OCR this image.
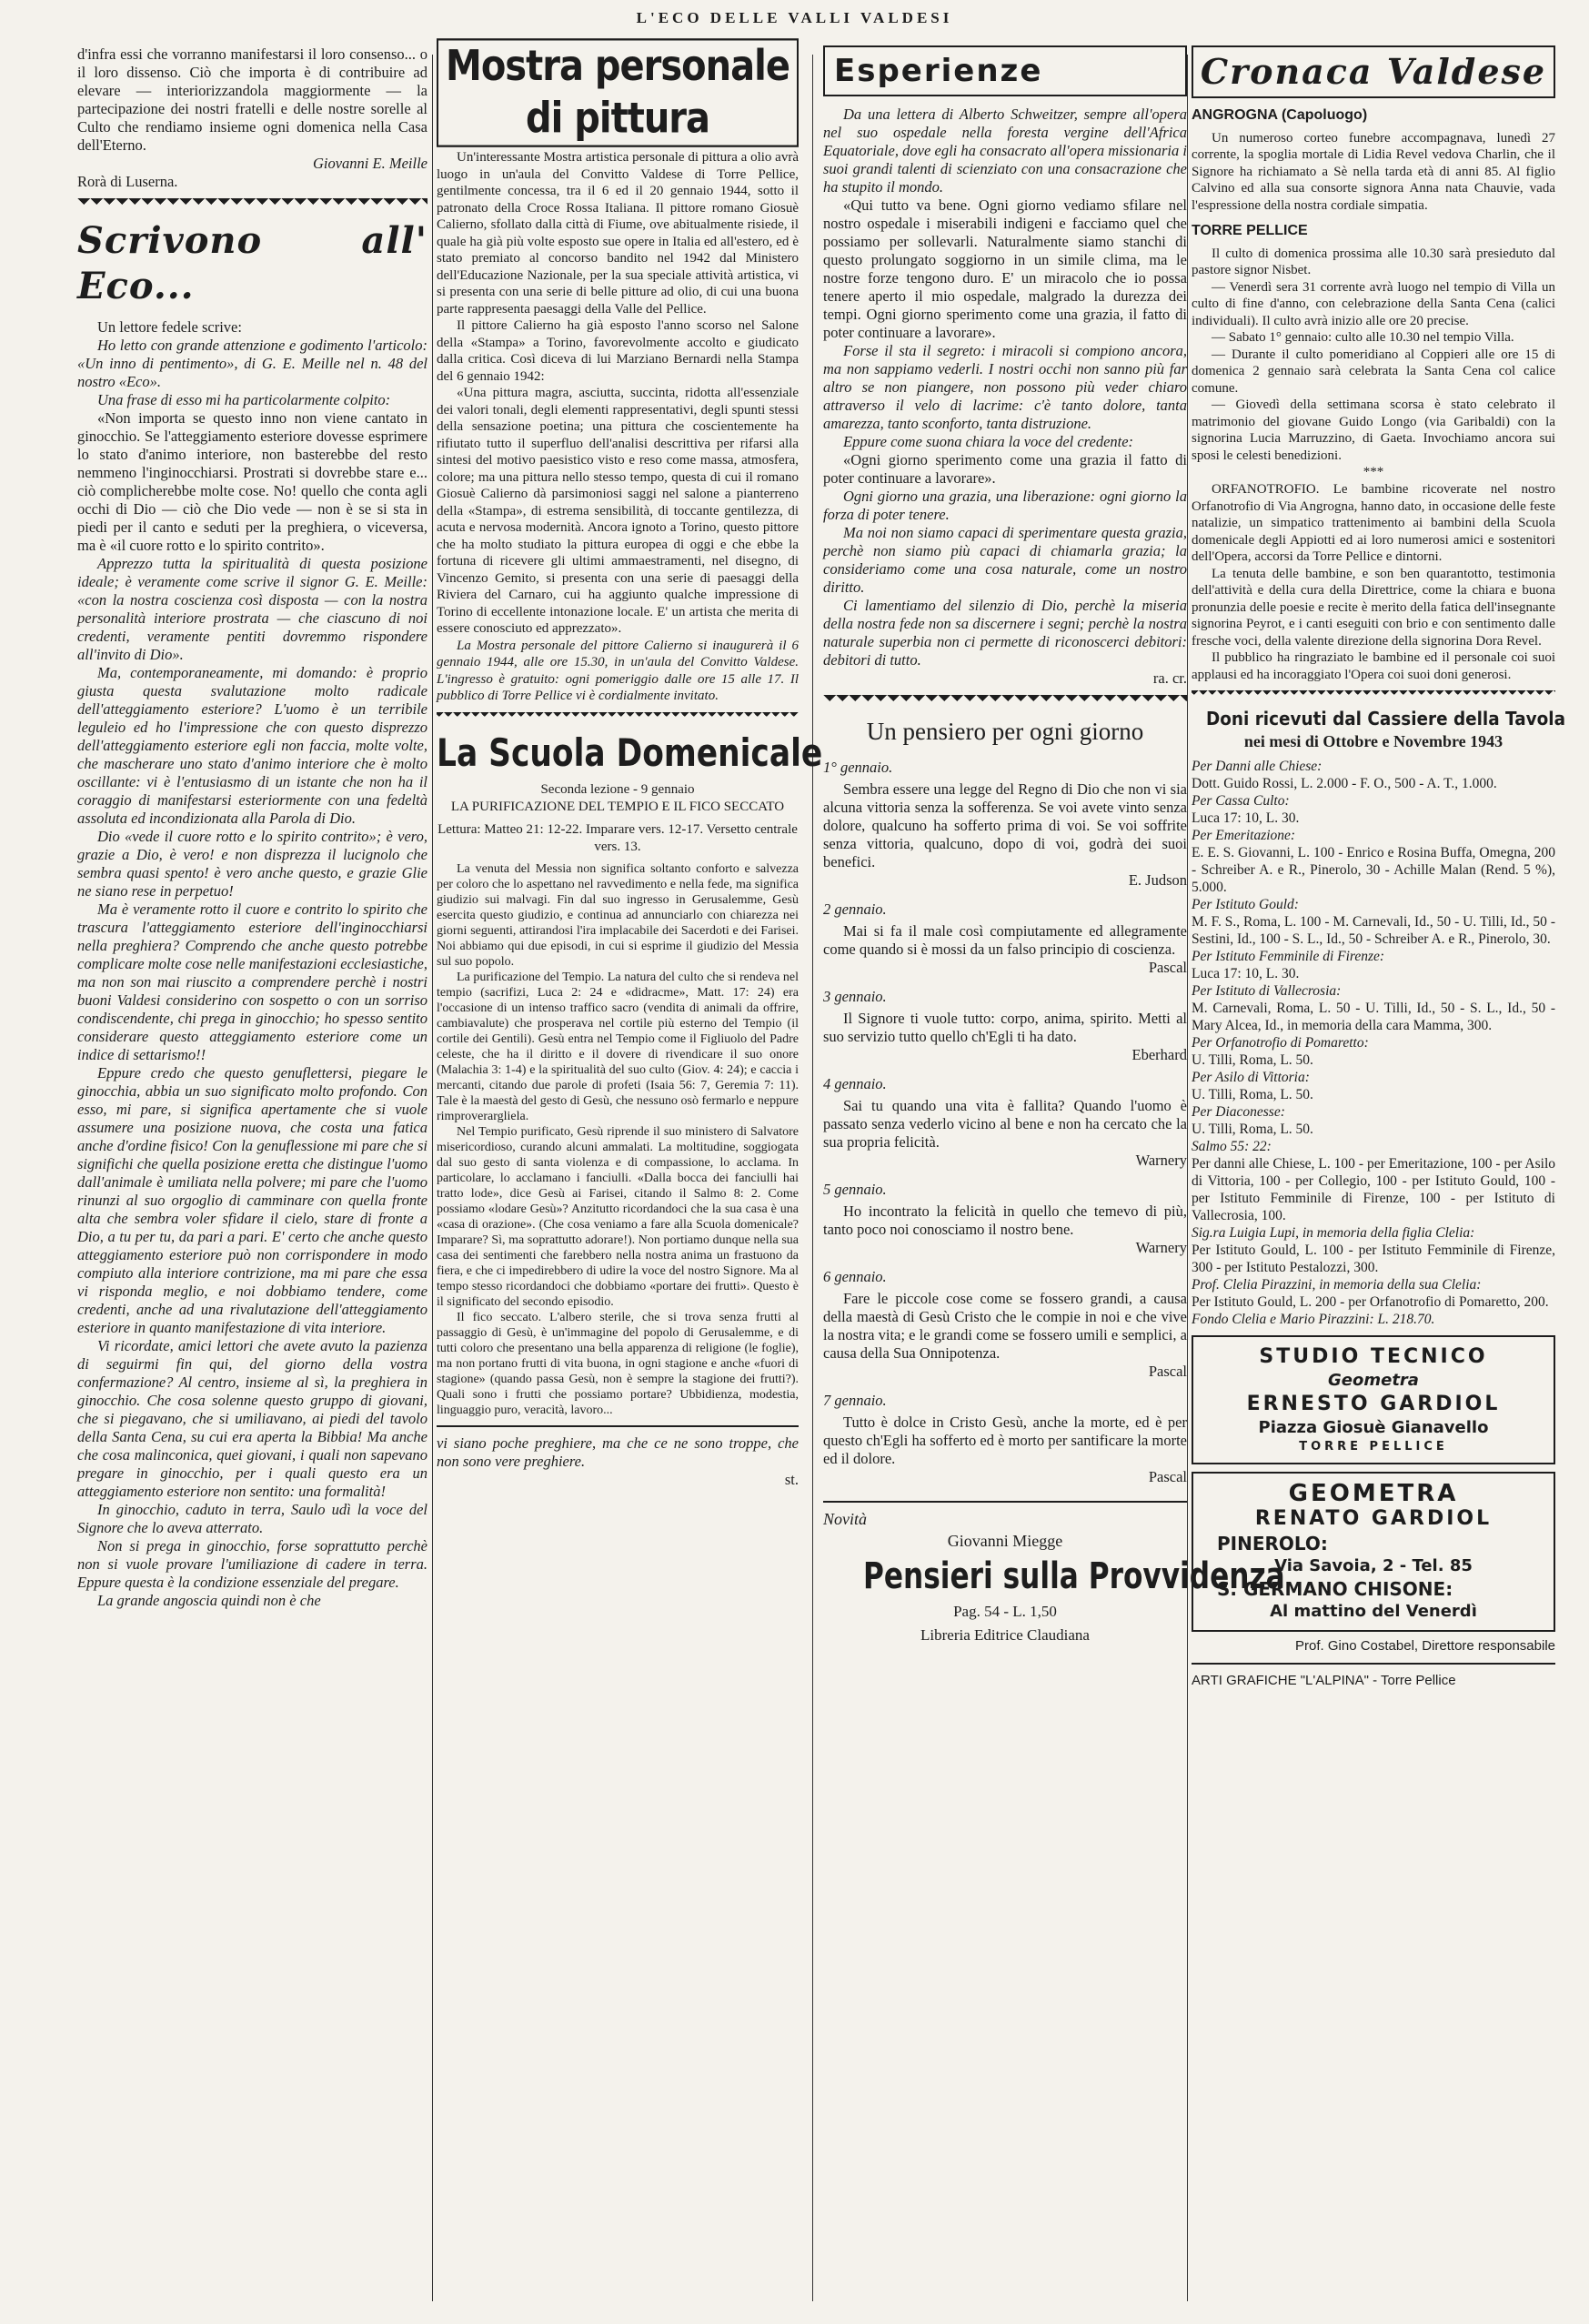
L'ECO DELLE VALLI VALDESI

d'infra essi che vorranno manifestarsi il loro consenso... o il loro dissenso. Ciò che importa è di contribuire ad elevare — interiorizzandola maggiormente — la partecipazione dei nostri fratelli e delle nostre sorelle al Culto che rendiamo insieme ogni domenica nella Casa dell'Eterno.

Giovanni E. Meille

Rorà di Luserna.

Scrivono all' Eco...

Un lettore fedele scrive:

Ho letto con grande attenzione e godimento l'articolo: «Un inno di pentimento», di G. E. Meille nel n. 48 del nostro «Eco».

Una frase di esso mi ha particolarmente colpito:

«Non importa se questo inno non viene cantato in ginocchio. Se l'atteggiamento esteriore dovesse esprimere lo stato d'animo interiore, non basterebbe del resto nemmeno l'inginocchiarsi. Prostrati si dovrebbe stare e... ciò complicherebbe molte cose. No! quello che conta agli occhi di Dio — ciò che Dio vede — non è se si sta in piedi per il canto e seduti per la preghiera, o viceversa, ma è «il cuore rotto e lo spirito contrito».

Apprezzo tutta la spiritualità di questa posizione ideale; è veramente come scrive il signor G. E. Meille: «con la nostra coscienza così disposta — con la nostra personalità interiore prostrata — che ciascuno di noi credenti, veramente pentiti dovremmo rispondere all'invito di Dio».

Ma, contemporaneamente, mi domando: è proprio giusta questa svalutazione molto radicale dell'atteggiamento esteriore? L'uomo è un terribile leguleio ed ho l'impressione che con questo disprezzo dell'atteggiamento esteriore egli non faccia, molte volte, che mascherare uno stato d'animo interiore che è molto oscillante: vi è l'entusiasmo di un istante che non ha il coraggio di manifestarsi esteriormente con una fedeltà assoluta ed incondizionata alla Parola di Dio.

Dio «vede il cuore rotto e lo spirito contrito»; è vero, grazie a Dio, è vero! e non disprezza il lucignolo che sembra quasi spento! è vero anche questo, e grazie Glie ne siano rese in perpetuo!

Ma è veramente rotto il cuore e contrito lo spirito che trascura l'atteggiamento esteriore dell'inginocchiarsi nella preghiera? Comprendo che anche questo potrebbe complicare molte cose nelle manifestazioni ecclesiastiche, ma non son mai riuscito a comprendere perchè i nostri buoni Valdesi considerino con sospetto o con un sorriso condiscendente, chi prega in ginocchio; ho spesso sentito considerare questo atteggiamento esteriore come un indice di settarismo!!

Eppure credo che questo genuflettersi, piegare le ginocchia, abbia un suo significato molto profondo. Con esso, mi pare, si significa apertamente che si vuole assumere una posizione nuova, che costa una fatica anche d'ordine fisico! Con la genuflessione mi pare che si significhi che quella posizione eretta che distingue l'uomo dall'animale è umiliata nella polvere; mi pare che l'uomo rinunzi al suo orgoglio di camminare con quella fronte alta che sembra voler sfidare il cielo, stare di fronte a Dio, a tu per tu, da pari a pari. E' certo che anche questo atteggiamento esteriore può non corrispondere in modo compiuto alla interiore contrizione, ma mi pare che essa vi risponda meglio, e noi dobbiamo tendere, come credenti, anche ad una rivalutazione dell'atteggiamento esteriore in quanto manifestazione di vita interiore.

Vi ricordate, amici lettori che avete avuto la pazienza di seguirmi fin qui, del giorno della vostra confermazione? Al centro, insieme al sì, la preghiera in ginocchio. Che cosa solenne questo gruppo di giovani, che si piegavano, che si umiliavano, ai piedi del tavolo della Santa Cena, su cui era aperta la Bibbia! Ma anche che cosa malinconica, quei giovani, i quali non sapevano pregare in ginocchio, per i quali questo era un atteggiamento esteriore non sentito: una formalità!

In ginocchio, caduto in terra, Saulo udì la voce del Signore che lo aveva atterrato.

Non si prega in ginocchio, forse soprattutto perchè non si vuole provare l'umiliazione di cadere in terra. Eppure questa è la condizione essenziale del pregare.

La grande angoscia quindi non è che

Mostra personale di pittura

Un'interessante Mostra artistica personale di pittura a olio avrà luogo in un'aula del Convitto Valdese di Torre Pellice, gentilmente concessa, tra il 6 ed il 20 gennaio 1944, sotto il patronato della Croce Rossa Italiana. Il pittore romano Giosuè Calierno, sfollato dalla città di Fiume, ove abitualmente risiede, il quale ha già più volte esposto sue opere in Italia ed all'estero, ed è stato premiato al concorso bandito nel 1942 dal Ministero dell'Educazione Nazionale, per la sua speciale attività artistica, vi si presenta con una serie di belle pitture ad olio, di cui una buona parte rappresenta paesaggi della Valle del Pellice.

Il pittore Calierno ha già esposto l'anno scorso nel Salone della «Stampa» a Torino, favorevolmente accolto e giudicato dalla critica. Così diceva di lui Marziano Bernardi nella Stampa del 6 gennaio 1942:

«Una pittura magra, asciutta, succinta, ridotta all'essenziale dei valori tonali, degli elementi rappresentativi, degli spunti stessi della sensazione poetina; una pittura che coscientemente ha rifiutato tutto il superfluo dell'analisi descrittiva per rifarsi alla sintesi del motivo paesistico visto e reso come massa, atmosfera, colore; ma una pittura nello stesso tempo, questa di cui il romano Giosuè Calierno dà parsimoniosi saggi nel salone a pianterreno della «Stampa», di estrema sensibilità, di toccante gentilezza, di acuta e nervosa modernità. Ancora ignoto a Torino, questo pittore che ha molto studiato la pittura europea di oggi e che ebbe la fortuna di ricevere gli ultimi ammaestramenti, nel disegno, di Vincenzo Gemito, si presenta con una serie di paesaggi della Riviera del Carnaro, cui ha aggiunto qualche impressione di Torino di eccellente intonazione locale. E' un artista che merita di essere conosciuto ed apprezzato».

La Mostra personale del pittore Calierno si inaugurerà il 6 gennaio 1944, alle ore 15.30, in un'aula del Convitto Valdese. L'ingresso è gratuito: ogni pomeriggio dalle ore 15 alle 17. Il pubblico di Torre Pellice vi è cordialmente invitato.

La Scuola Domenicale

Seconda lezione - 9 gennaio

LA PURIFICAZIONE DEL TEMPIO E IL FICO SECCATO

Lettura: Matteo 21: 12-22. Imparare vers. 12-17. Versetto centrale vers. 13.

La venuta del Messia non significa soltanto conforto e salvezza per coloro che lo aspettano nel ravvedimento e nella fede, ma significa giudizio sui malvagi. Fin dal suo ingresso in Gerusalemme, Gesù esercita questo giudizio, e continua ad annunciarlo con chiarezza nei giorni seguenti, attirandosi l'ira implacabile dei Sacerdoti e dei Farisei. Noi abbiamo qui due episodi, in cui si esprime il giudizio del Messia sul suo popolo.

La purificazione del Tempio. La natura del culto che si rendeva nel tempio (sacrifizi, Luca 2: 24 e «didracme», Matt. 17: 24) era l'occasione di un intenso traffico sacro (vendita di animali da offrire, cambiavalute) che prosperava nel cortile più esterno del Tempio (il cortile dei Gentili). Gesù entra nel Tempio come il Figliuolo del Padre celeste, che ha il diritto e il dovere di rivendicare il suo onore (Malachia 3: 1-4) e la spiritualità del suo culto (Giov. 4: 24); e caccia i mercanti, citando due parole di profeti (Isaia 56: 7, Geremia 7: 11). Tale è la maestà del gesto di Gesù, che nessuno osò fermarlo e neppure rimproverargliela.

Nel Tempio purificato, Gesù riprende il suo ministero di Salvatore misericordioso, curando alcuni ammalati. La moltitudine, soggiogata dal suo gesto di santa violenza e di compassione, lo acclama. In particolare, lo acclamano i fanciulli. «Dalla bocca dei fanciulli hai tratto lode», dice Gesù ai Farisei, citando il Salmo 8: 2. Come possiamo «lodare Gesù»? Anzitutto ricordandoci che la sua casa è una «casa di orazione». (Che cosa veniamo a fare alla Scuola domenicale? Imparare? Sì, ma soprattutto adorare!). Non portiamo dunque nella sua casa dei sentimenti che farebbero nella nostra anima un frastuono da fiera, e che ci impedirebbero di udire la voce del nostro Signore. Ma al tempo stesso ricordandoci che dobbiamo «portare dei frutti». Questo è il significato del secondo episodio.

Il fico seccato. L'albero sterile, che si trova senza frutti al passaggio di Gesù, è un'immagine del popolo di Gerusalemme, e di tutti coloro che presentano una bella apparenza di religione (le foglie), ma non portano frutti di vita buona, in ogni stagione e anche «fuori di stagione» (quando passa Gesù, non è sempre la stagione dei frutti?). Quali sono i frutti che possiamo portare? Ubbidienza, modestia, linguaggio puro, veracità, lavoro...

vi siano poche preghiere, ma che ce ne sono troppe, che non sono vere preghiere.

st.

Esperienze

Da una lettera di Alberto Schweitzer, sempre all'opera nel suo ospedale nella foresta vergine dell'Africa Equatoriale, dove egli ha consacrato all'opera missionaria i suoi grandi talenti di scienziato con una consacrazione che ha stupito il mondo.

«Qui tutto va bene. Ogni giorno vediamo sfilare nel nostro ospedale i miserabili indigeni e facciamo quel che possiamo per sollevarli. Naturalmente siamo stanchi di questo prolungato soggiorno in un simile clima, ma le nostre forze tengono duro. E' un miracolo che io possa tenere aperto il mio ospedale, malgrado la durezza dei tempi. Ogni giorno sperimento come una grazia, il fatto di poter continuare a lavorare».

Forse il sta il segreto: i miracoli si compiono ancora, ma non sappiamo vederli. I nostri occhi non sanno più far altro se non piangere, non possono più veder chiaro attraverso il velo di lacrime: c'è tanto dolore, tanta amarezza, tanto sconforto, tanta distruzione.

Eppure come suona chiara la voce del credente:

«Ogni giorno sperimento come una grazia il fatto di poter continuare a lavorare».

Ogni giorno una grazia, una liberazione: ogni giorno la forza di poter tenere.

Ma noi non siamo capaci di sperimentare questa grazia, perchè non siamo più capaci di chiamarla grazia; la consideriamo come una cosa naturale, come un nostro diritto.

Ci lamentiamo del silenzio di Dio, perchè la miseria della nostra fede non sa discernere i segni; perchè la nostra naturale superbia non ci permette di riconoscerci debitori: debitori di tutto.

ra. cr.

Un pensiero per ogni giorno

1° gennaio.

Sembra essere una legge del Regno di Dio che non vi sia alcuna vittoria senza la sofferenza. Se voi avete vinto senza dolore, qualcuno ha sofferto prima di voi. Se voi soffrite senza vittoria, qualcuno, dopo di voi, godrà dei suoi benefici.

E. Judson

2 gennaio.

Mai si fa il male così compiutamente ed allegramente come quando si è mossi da un falso principio di coscienza.

Pascal

3 gennaio.

Il Signore ti vuole tutto: corpo, anima, spirito. Metti al suo servizio tutto quello ch'Egli ti ha dato.

Eberhard

4 gennaio.

Sai tu quando una vita è fallita? Quando l'uomo è passato senza vederlo vicino al bene e non ha cercato che la sua propria felicità.

Warnery

5 gennaio.

Ho incontrato la felicità in quello che temevo di più, tanto poco noi conosciamo il nostro bene.

Warnery

6 gennaio.

Fare le piccole cose come se fossero grandi, a causa della maestà di Gesù Cristo che le compie in noi e che vive la nostra vita; e le grandi come se fossero umili e semplici, a causa della Sua Onnipotenza.

Pascal

7 gennaio.

Tutto è dolce in Cristo Gesù, anche la morte, ed è per questo ch'Egli ha sofferto ed è morto per santificare la morte ed il dolore.

Pascal

Novità
Giovanni Miegge
Pensieri sulla Provvidenza
Pag. 54 - L. 1,50
Libreria Editrice Claudiana
Cronaca Valdese

ANGROGNA (Capoluogo)

Un numeroso corteo funebre accompagnava, lunedì 27 corrente, la spoglia mortale di Lidia Revel vedova Charlin, che il Signore ha richiamato a Sè nella tarda età di anni 85. Al figlio Calvino ed alla sua consorte signora Anna nata Chauvie, vada l'espressione della nostra cordiale simpatia.

TORRE PELLICE

Il culto di domenica prossima alle 10.30 sarà presieduto dal pastore signor Nisbet.

— Venerdì sera 31 corrente avrà luogo nel tempio di Villa un culto di fine d'anno, con celebrazione della Santa Cena (calici individuali). Il culto avrà inizio alle ore 20 precise.

— Sabato 1° gennaio: culto alle 10.30 nel tempio Villa.

— Durante il culto pomeridiano al Coppieri alle ore 15 di domenica 2 gennaio sarà celebrata la Santa Cena col calice comune.

— Giovedì della settimana scorsa è stato celebrato il matrimonio del giovane Guido Longo (via Garibaldi) con la signorina Lucia Marruzzino, di Gaeta. Invochiamo ancora sui sposi le celesti benedizioni.

***

ORFANOTROFIO. Le bambine ricoverate nel nostro Orfanotrofio di Via Angrogna, hanno dato, in occasione delle feste natalizie, un simpatico trattenimento ai bambini della Scuola domenicale degli Appiotti ed ai loro numerosi amici e sostenitori dell'Opera, accorsi da Torre Pellice e dintorni.

La tenuta delle bambine, e son ben quarantotto, testimonia dell'attività e della cura della Direttrice, come la chiara e buona pronunzia delle poesie e recite è merito della fatica dell'insegnante signorina Peyrot, e i canti eseguiti con brio e con sentimento dalle fresche voci, della valente direzione della signorina Dora Revel.

Il pubblico ha ringraziato le bambine ed il personale coi suoi applausi ed ha incoraggiato l'Opera coi suoi doni generosi.

Doni ricevuti dal Cassiere della Tavola
nei mesi di Ottobre e Novembre 1943

Per Danni alle Chiese:

Dott. Guido Rossi, L. 2.000 - F. O., 500 - A. T., 1.000.

Per Cassa Culto:

Luca 17: 10, L. 30.

Per Emeritazione:

E. E. S. Giovanni, L. 100 - Enrico e Rosina Buffa, Omegna, 200 - Schreiber A. e R., Pinerolo, 30 - Achille Malan (Rend. 5 %), 5.000.

Per Istituto Gould:

M. F. S., Roma, L. 100 - M. Carnevali, Id., 50 - U. Tilli, Id., 50 - Sestini, Id., 100 - S. L., Id., 50 - Schreiber A. e R., Pinerolo, 30.

Per Istituto Femminile di Firenze:

Luca 17: 10, L. 30.

Per Istituto di Vallecrosia:

M. Carnevali, Roma, L. 50 - U. Tilli, Id., 50 - S. L., Id., 50 - Mary Alcea, Id., in memoria della cara Mamma, 300.

Per Orfanotrofio di Pomaretto:

U. Tilli, Roma, L. 50.

Per Asilo di Vittoria:

U. Tilli, Roma, L. 50.

Per Diaconesse:

U. Tilli, Roma, L. 50.

Salmo 55: 22:

Per danni alle Chiese, L. 100 - per Emeritazione, 100 - per Asilo di Vittoria, 100 - per Collegio, 100 - per Istituto Gould, 100 - per Istituto Femminile di Firenze, 100 - per Istituto di Vallecrosia, 100.

Sig.ra Luigia Lupi, in memoria della figlia Clelia:

Per Istituto Gould, L. 100 - per Istituto Femminile di Firenze, 300 - per Istituto Pestalozzi, 300.

Prof. Clelia Pirazzini, in memoria della sua Clelia:

Per Istituto Gould, L. 200 - per Orfanotrofio di Pomaretto, 200.

Fondo Clelia e Mario Pirazzini: L. 218.70.

STUDIO TECNICO
Geometra
ERNESTO GARDIOL
Piazza Giosuè Gianavello
TORRE PELLICE
GEOMETRA
RENATO GARDIOL
PINEROLO:
Via Savoia, 2 - Tel. 85
S. GERMANO CHISONE:
Al mattino del Venerdì

Prof. Gino Costabel, Direttore responsabile

ARTI GRAFICHE "L'ALPINA" - Torre Pellice
